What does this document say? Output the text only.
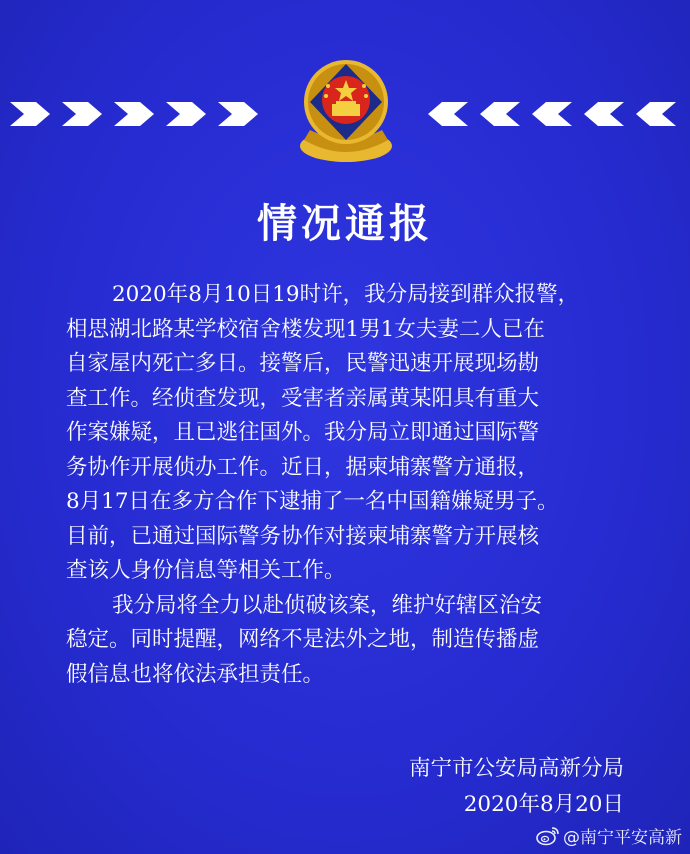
情况通报
2020年8月10日19时许，我分局接到群众报警，
相思湖北路某学校宿舍楼发现1男1女夫妻二人已在
自家屋内死亡多日。接警后，民警迅速开展现场勘
查工作。经侦查发现，受害者亲属黄某阳具有重大
作案嫌疑，且已逃往国外。我分局立即通过国际警
务协作开展侦办工作。近日，据柬埔寨警方通报，
8月17日在多方合作下逮捕了一名中国籍嫌疑男子。
目前，已通过国际警务协作对接柬埔寨警方开展核
查该人身份信息等相关工作。
我分局将全力以赴侦破该案，维护好辖区治安
稳定。同时提醒，网络不是法外之地，制造传播虚
假信息也将依法承担责任。
南宁市公安局高新分局
2020年8月20日
@南宁平安高新
